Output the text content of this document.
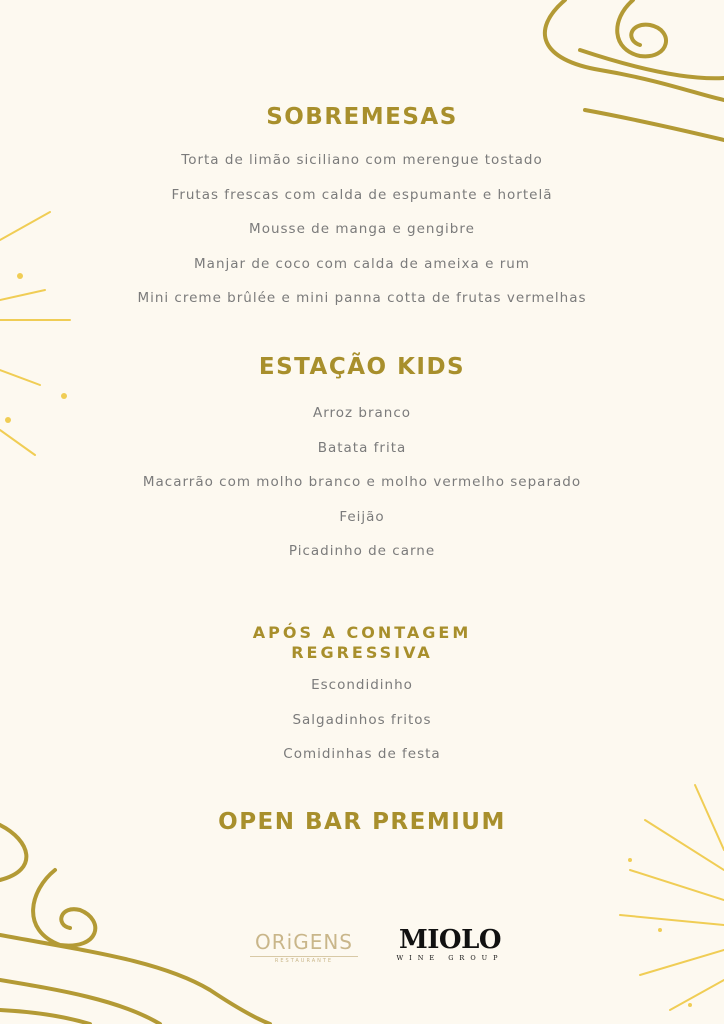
SOBREMESAS
Torta de limão siciliano com merengue tostado
Frutas frescas com calda de espumante e hortelã
Mousse de manga e gengibre
Manjar de coco com calda de ameixa e rum
Mini creme brûlée e mini panna cotta de frutas vermelhas
ESTAÇÃO KIDS
Arroz branco
Batata frita
Macarrão com molho branco e molho vermelho separado
Feijão
Picadinho de carne
APÓS A CONTAGEM
REGRESSIVA
Escondidinho
Salgadinhos fritos
Comidinhas de festa
OPEN BAR PREMIUM
ORiGENS
RESTAURANTE
MIOLO
WINE GROUP
